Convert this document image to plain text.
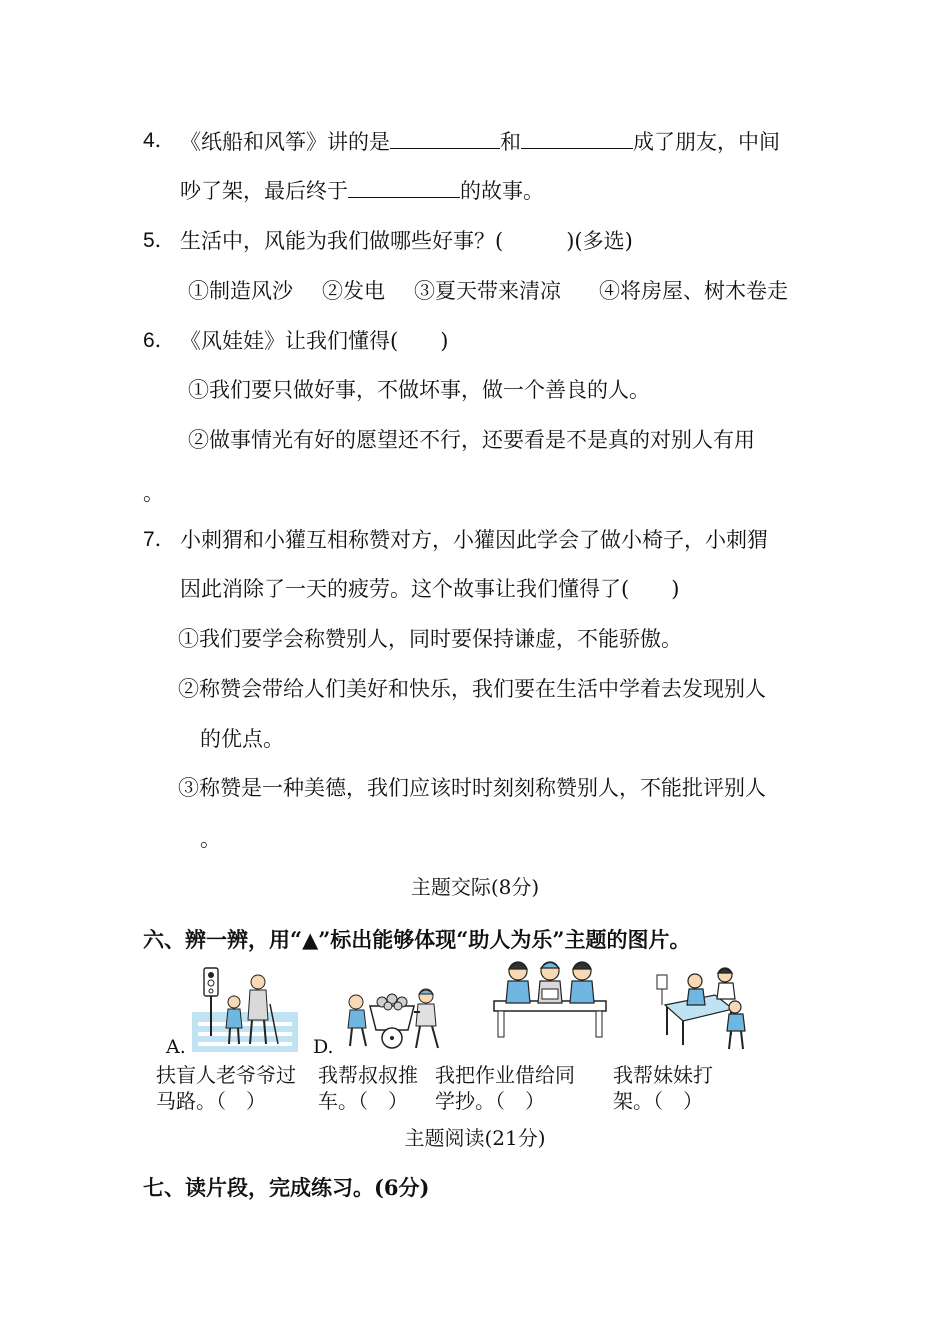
4． 《纸船和风筝》讲的是	和	成了朋友，中间
吵了架，最后终于	的故事。
5． 生活中，风能为我们做哪些好事？(　　　)(多选)
①制造风沙 ②发电 ③夏天带来清凉 ④将房屋、树木卷走
6． 《风娃娃》让我们懂得(　　)
①我们要只做好事，不做坏事，做一个善良的人。
②做事情光有好的愿望还不行，还要看是不是真的对别人有用
。
7． 小刺猬和小獾互相称赞对方，小獾因此学会了做小椅子，小刺猬
因此消除了一天的疲劳。这个故事让我们懂得了(　　)
①我们要学会称赞别人，同时要保持谦虚，不能骄傲。
②称赞会带给人们美好和快乐，我们要在生活中学着去发现别人
的优点。
③称赞是一种美德，我们应该时时刻刻称赞别人，不能批评别人
。
主题交际(8分)
六、辨一辨，用“▲”标出能够体现“助人为乐”主题的图片。
A.	D.
扶盲人老爷爷过
马路。（　）
我帮叔叔推
车。（　）
我把作业借给同
学抄。（　）
我帮妹妹打
架。（　）
主题阅读(21分)
七、读片段，完成练习。(6分)
